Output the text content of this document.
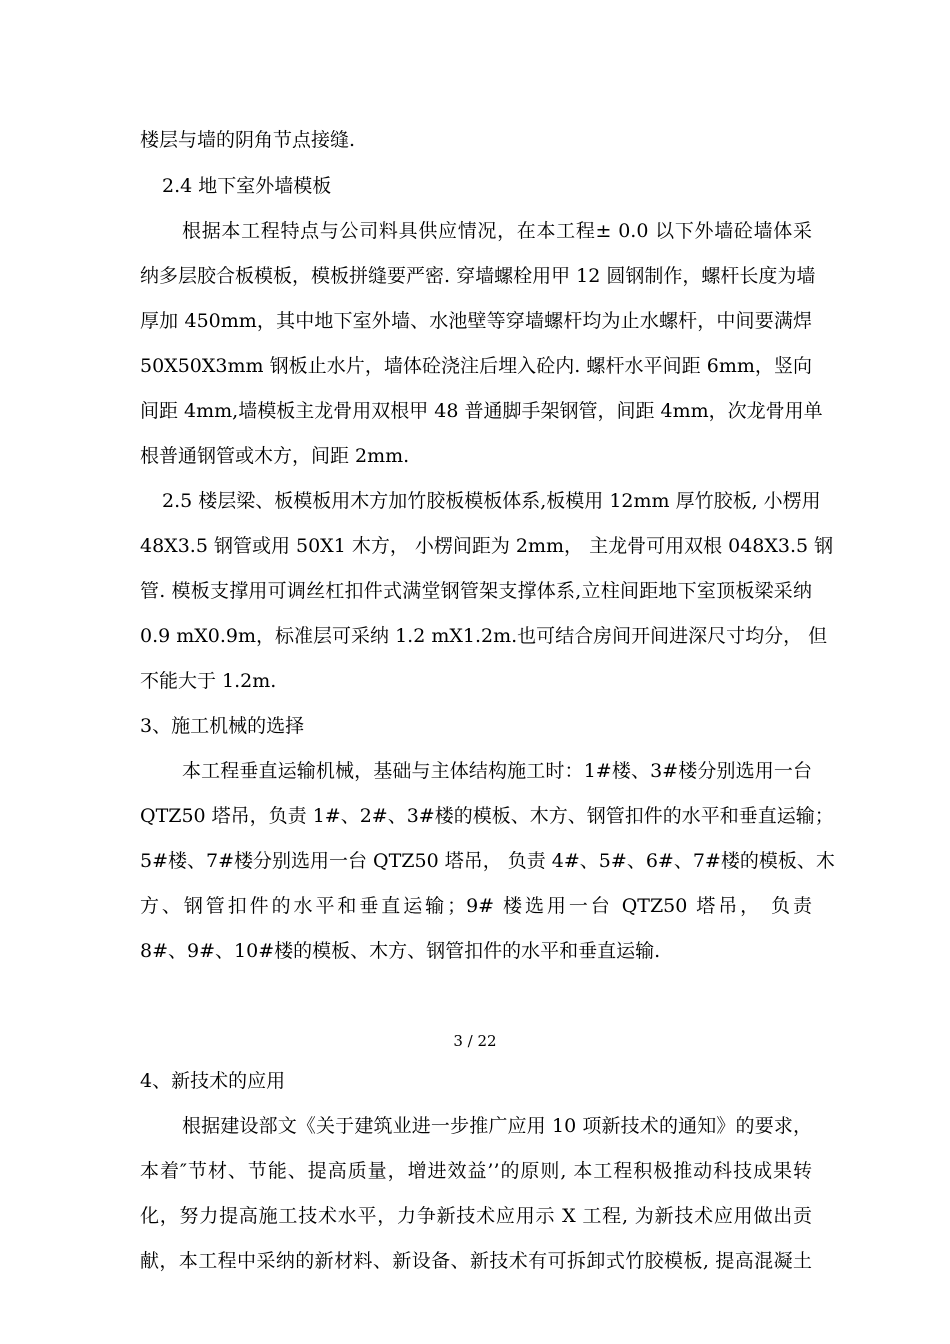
楼层与墙的阴角节点接缝.
2.4 地下室外墙模板
根据本工程特点与公司料具供应情况，在本工程± 0.0 以下外墙砼墙体采
纳多层胶合板模板，模板拼缝要严密. 穿墙螺栓用甲 12 圆钢制作，螺杆长度为墙
厚加 450mm，其中地下室外墙、水池壁等穿墙螺杆均为止水螺杆，中间要满焊
50X50X3mm 钢板止水片，墙体砼浇注后埋入砼内. 螺杆水平间距 6mm，竖向
间距 4mm,墙模板主龙骨用双根甲 48 普通脚手架钢管，间距 4mm，次龙骨用单
根普通钢管或木方，间距 2mm.
2.5 楼层梁、板模板用木方加竹胶板模板体系,板模用 12mm 厚竹胶板, 小楞用
48X3.5 钢管或用 50X1 木方， 小楞间距为 2mm， 主龙骨可用双根 048X3.5 钢
管. 模板支撑用可调丝杠扣件式满堂钢管架支撑体系,立柱间距地下室顶板梁采纳
0.9 mX0.9m，标准层可采纳 1.2 mX1.2m.也可结合房间开间进深尺寸均分， 但
不能大于 1.2m.
3、施工机械的选择
本工程垂直运输机械，基础与主体结构施工时：1#楼、3#楼分别选用一台
QTZ50 塔吊，负责 1#、2#、3#楼的模板、木方、钢管扣件的水平和垂直运输；
5#楼、7#楼分别选用一台 QTZ50 塔吊， 负责 4#、5#、6#、7#楼的模板、木
方、钢管扣件的水平和垂直运输；9# 楼选用一台 QTZ50 塔吊， 负责
8#、9#、10#楼的模板、木方、钢管扣件的水平和垂直运输.
3 / 22
4、新技术的应用
根据建设部文《关于建筑业进一步推广应用 10 项新技术的通知》的要求，
本着″节材、节能、提高质量，增进效益’’的原则, 本工程积极推动科技成果转
化，努力提高施工技术水平，力争新技术应用示 X 工程, 为新技术应用做出贡
献，本工程中采纳的新材料、新设备、新技术有可拆卸式竹胶模板, 提高混凝土
